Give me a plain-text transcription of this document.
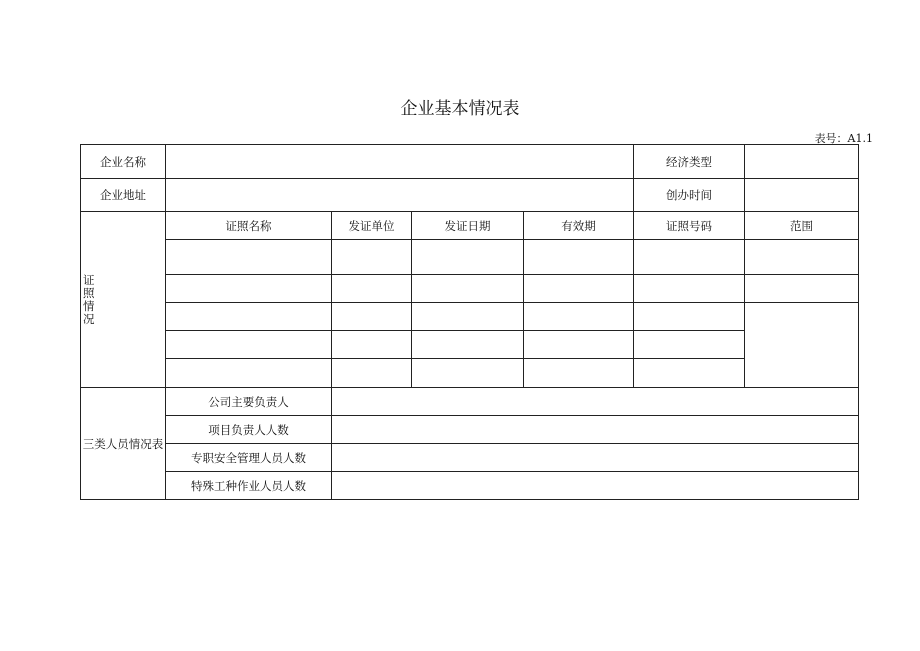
企业基本情况表
表号：A1.1
企业名称					经济类型	
企业地址					创办时间	
证照情况	证照名称	发证单位	发证日期	有效期	证照号码	范围

三类人员情况表	公司主要负责人					
	项目负责人人数					
	专职安全管理人员人数					
	特殊工种作业人员人数					
